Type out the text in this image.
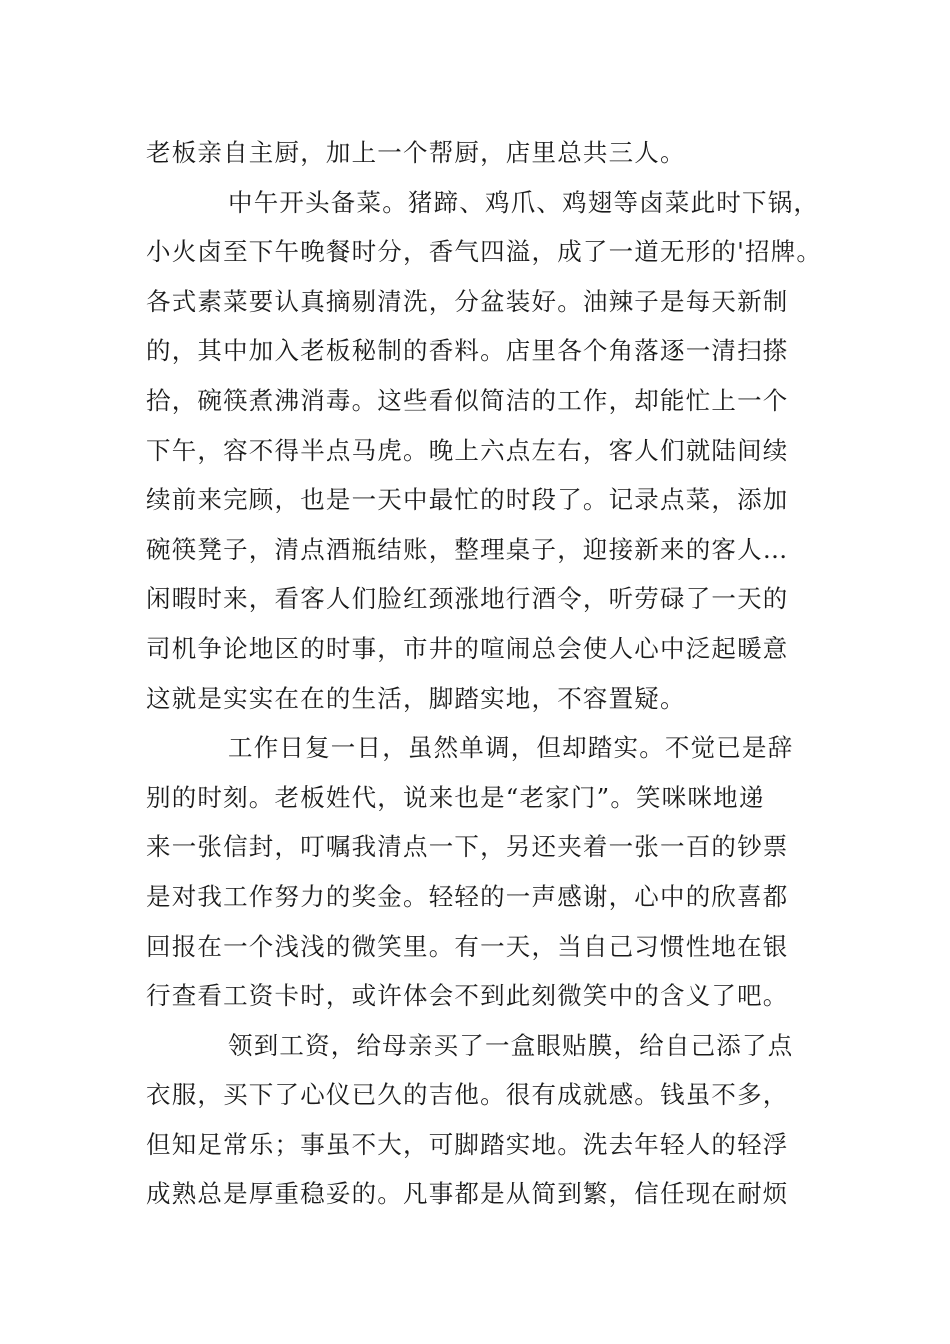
老板亲自主厨，加上一个帮厨，店里总共三人。
中午开头备菜。猪蹄、鸡爪、鸡翅等卤菜此时下锅，
小火卤至下午晚餐时分，香气四溢，成了一道无形的'招牌。
各式素菜要认真摘剔清洗，分盆装好。油辣子是每天新制
的，其中加入老板秘制的香料。店里各个角落逐一清扫搽
拾，碗筷煮沸消毒。这些看似简洁的工作，却能忙上一个
下午，容不得半点马虎。晚上六点左右，客人们就陆间续
续前来完顾，也是一天中最忙的时段了。记录点菜，添加
碗筷凳子，清点酒瓶结账，整理桌子，迎接新来的客人…
闲暇时来，看客人们脸红颈涨地行酒令，听劳碌了一天的
司机争论地区的时事，市井的喧闹总会使人心中泛起暖意
这就是实实在在的生活，脚踏实地，不容置疑。
工作日复一日，虽然单调，但却踏实。不觉已是辞
别的时刻。老板姓代，说来也是“老家门”。笑咪咪地递
来一张信封，叮嘱我清点一下，另还夹着一张一百的钞票
是对我工作努力的奖金。轻轻的一声感谢，心中的欣喜都
回报在一个浅浅的微笑里。有一天，当自己习惯性地在银
行查看工资卡时，或许体会不到此刻微笑中的含义了吧。
领到工资，给母亲买了一盒眼贴膜，给自己添了点
衣服，买下了心仪已久的吉他。很有成就感。钱虽不多，
但知足常乐；事虽不大，可脚踏实地。洗去年轻人的轻浮
成熟总是厚重稳妥的。凡事都是从简到繁，信任现在耐烦
